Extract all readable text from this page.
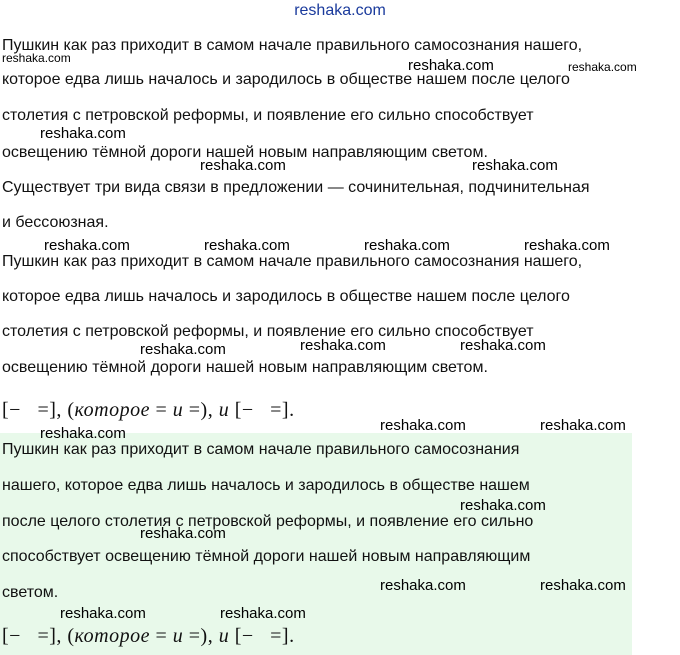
reshaka.com
Пушкин как раз приходит в самом начале правильного самосознания нашего,
которое едва лишь началось и зародилось в обществе нашем после целого
столетия с петровской реформы, и появление его сильно способствует
освещению тёмной дороги нашей новым направляющим светом.
Существует три вида связи в предложении — сочинительная, подчинительная
и бессоюзная.
Пушкин как раз приходит в самом начале правильного самосознания нашего,
которое едва лишь началось и зародилось в обществе нашем после целого
столетия с петровской реформы, и появление его сильно способствует
освещению тёмной дороги нашей новым направляющим светом.
[−   =], (которое = и =), и [−   =].
Пушкин как раз приходит в самом начале правильного самосознания
нашего, которое едва лишь началось и зародилось в обществе нашем
после целого столетия с петровской реформы, и появление его сильно
способствует освещению тёмной дороги нашей новым направляющим
светом.
[−   =], (которое = и =), и [−   =].
reshaka.com	reshaka.com	reshaka.com
reshaka.com
reshaka.com	reshaka.com
reshaka.com	reshaka.com	reshaka.com	reshaka.com
reshaka.com	reshaka.com
reshaka.com
reshaka.com	reshaka.com
reshaka.com
reshaka.com
reshaka.com
reshaka.com	reshaka.com
reshaka.com	reshaka.com
